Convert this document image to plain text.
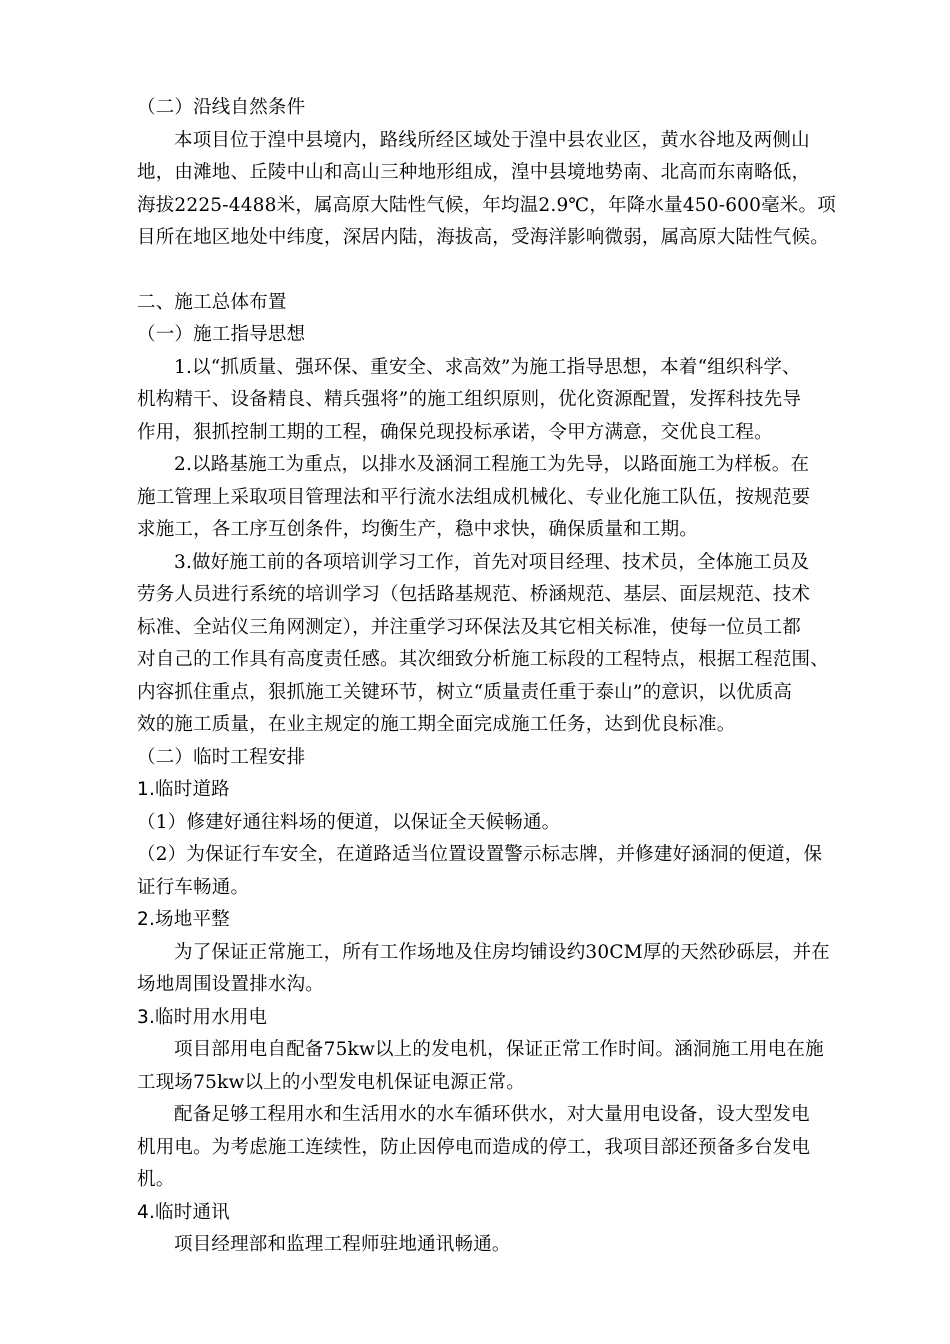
（二）沿线自然条件
本项目位于湟中县境内，路线所经区域处于湟中县农业区，黄水谷地及两侧山
地，由滩地、丘陵中山和高山三种地形组成，湟中县境地势南、北高而东南略低，
海拔2225-4488米，属高原大陆性气候，年均温2.9℃，年降水量450-600毫米。项
目所在地区地处中纬度，深居内陆，海拔高，受海洋影响微弱，属高原大陆性气候。
二、施工总体布置
（一）施工指导思想
1.以“抓质量、强环保、重安全、求高效”为施工指导思想，本着“组织科学、
机构精干、设备精良、精兵强将”的施工组织原则，优化资源配置，发挥科技先导
作用，狠抓控制工期的工程，确保兑现投标承诺，令甲方满意，交优良工程。
2.以路基施工为重点，以排水及涵洞工程施工为先导，以路面施工为样板。在
施工管理上采取项目管理法和平行流水法组成机械化、专业化施工队伍，按规范要
求施工，各工序互创条件，均衡生产，稳中求快，确保质量和工期。
3.做好施工前的各项培训学习工作，首先对项目经理、技术员，全体施工员及
劳务人员进行系统的培训学习（包括路基规范、桥涵规范、基层、面层规范、技术
标准、全站仪三角网测定），并注重学习环保法及其它相关标准，使每一位员工都
对自己的工作具有高度责任感。其次细致分析施工标段的工程特点，根据工程范围、
内容抓住重点，狠抓施工关键环节，树立“质量责任重于泰山”的意识，以优质高
效的施工质量，在业主规定的施工期全面完成施工任务，达到优良标准。
（二）临时工程安排
1.临时道路
（1）修建好通往料场的便道，以保证全天候畅通。
（2）为保证行车安全，在道路适当位置设置警示标志牌，并修建好涵洞的便道，保
证行车畅通。
2.场地平整
为了保证正常施工，所有工作场地及住房均铺设约30CM厚的天然砂砾层，并在
场地周围设置排水沟。
3.临时用水用电
项目部用电自配备75kw以上的发电机，保证正常工作时间。涵洞施工用电在施
工现场75kw以上的小型发电机保证电源正常。
配备足够工程用水和生活用水的水车循环供水，对大量用电设备，设大型发电
机用电。为考虑施工连续性，防止因停电而造成的停工，我项目部还预备多台发电
机。
4.临时通讯
项目经理部和监理工程师驻地通讯畅通。
